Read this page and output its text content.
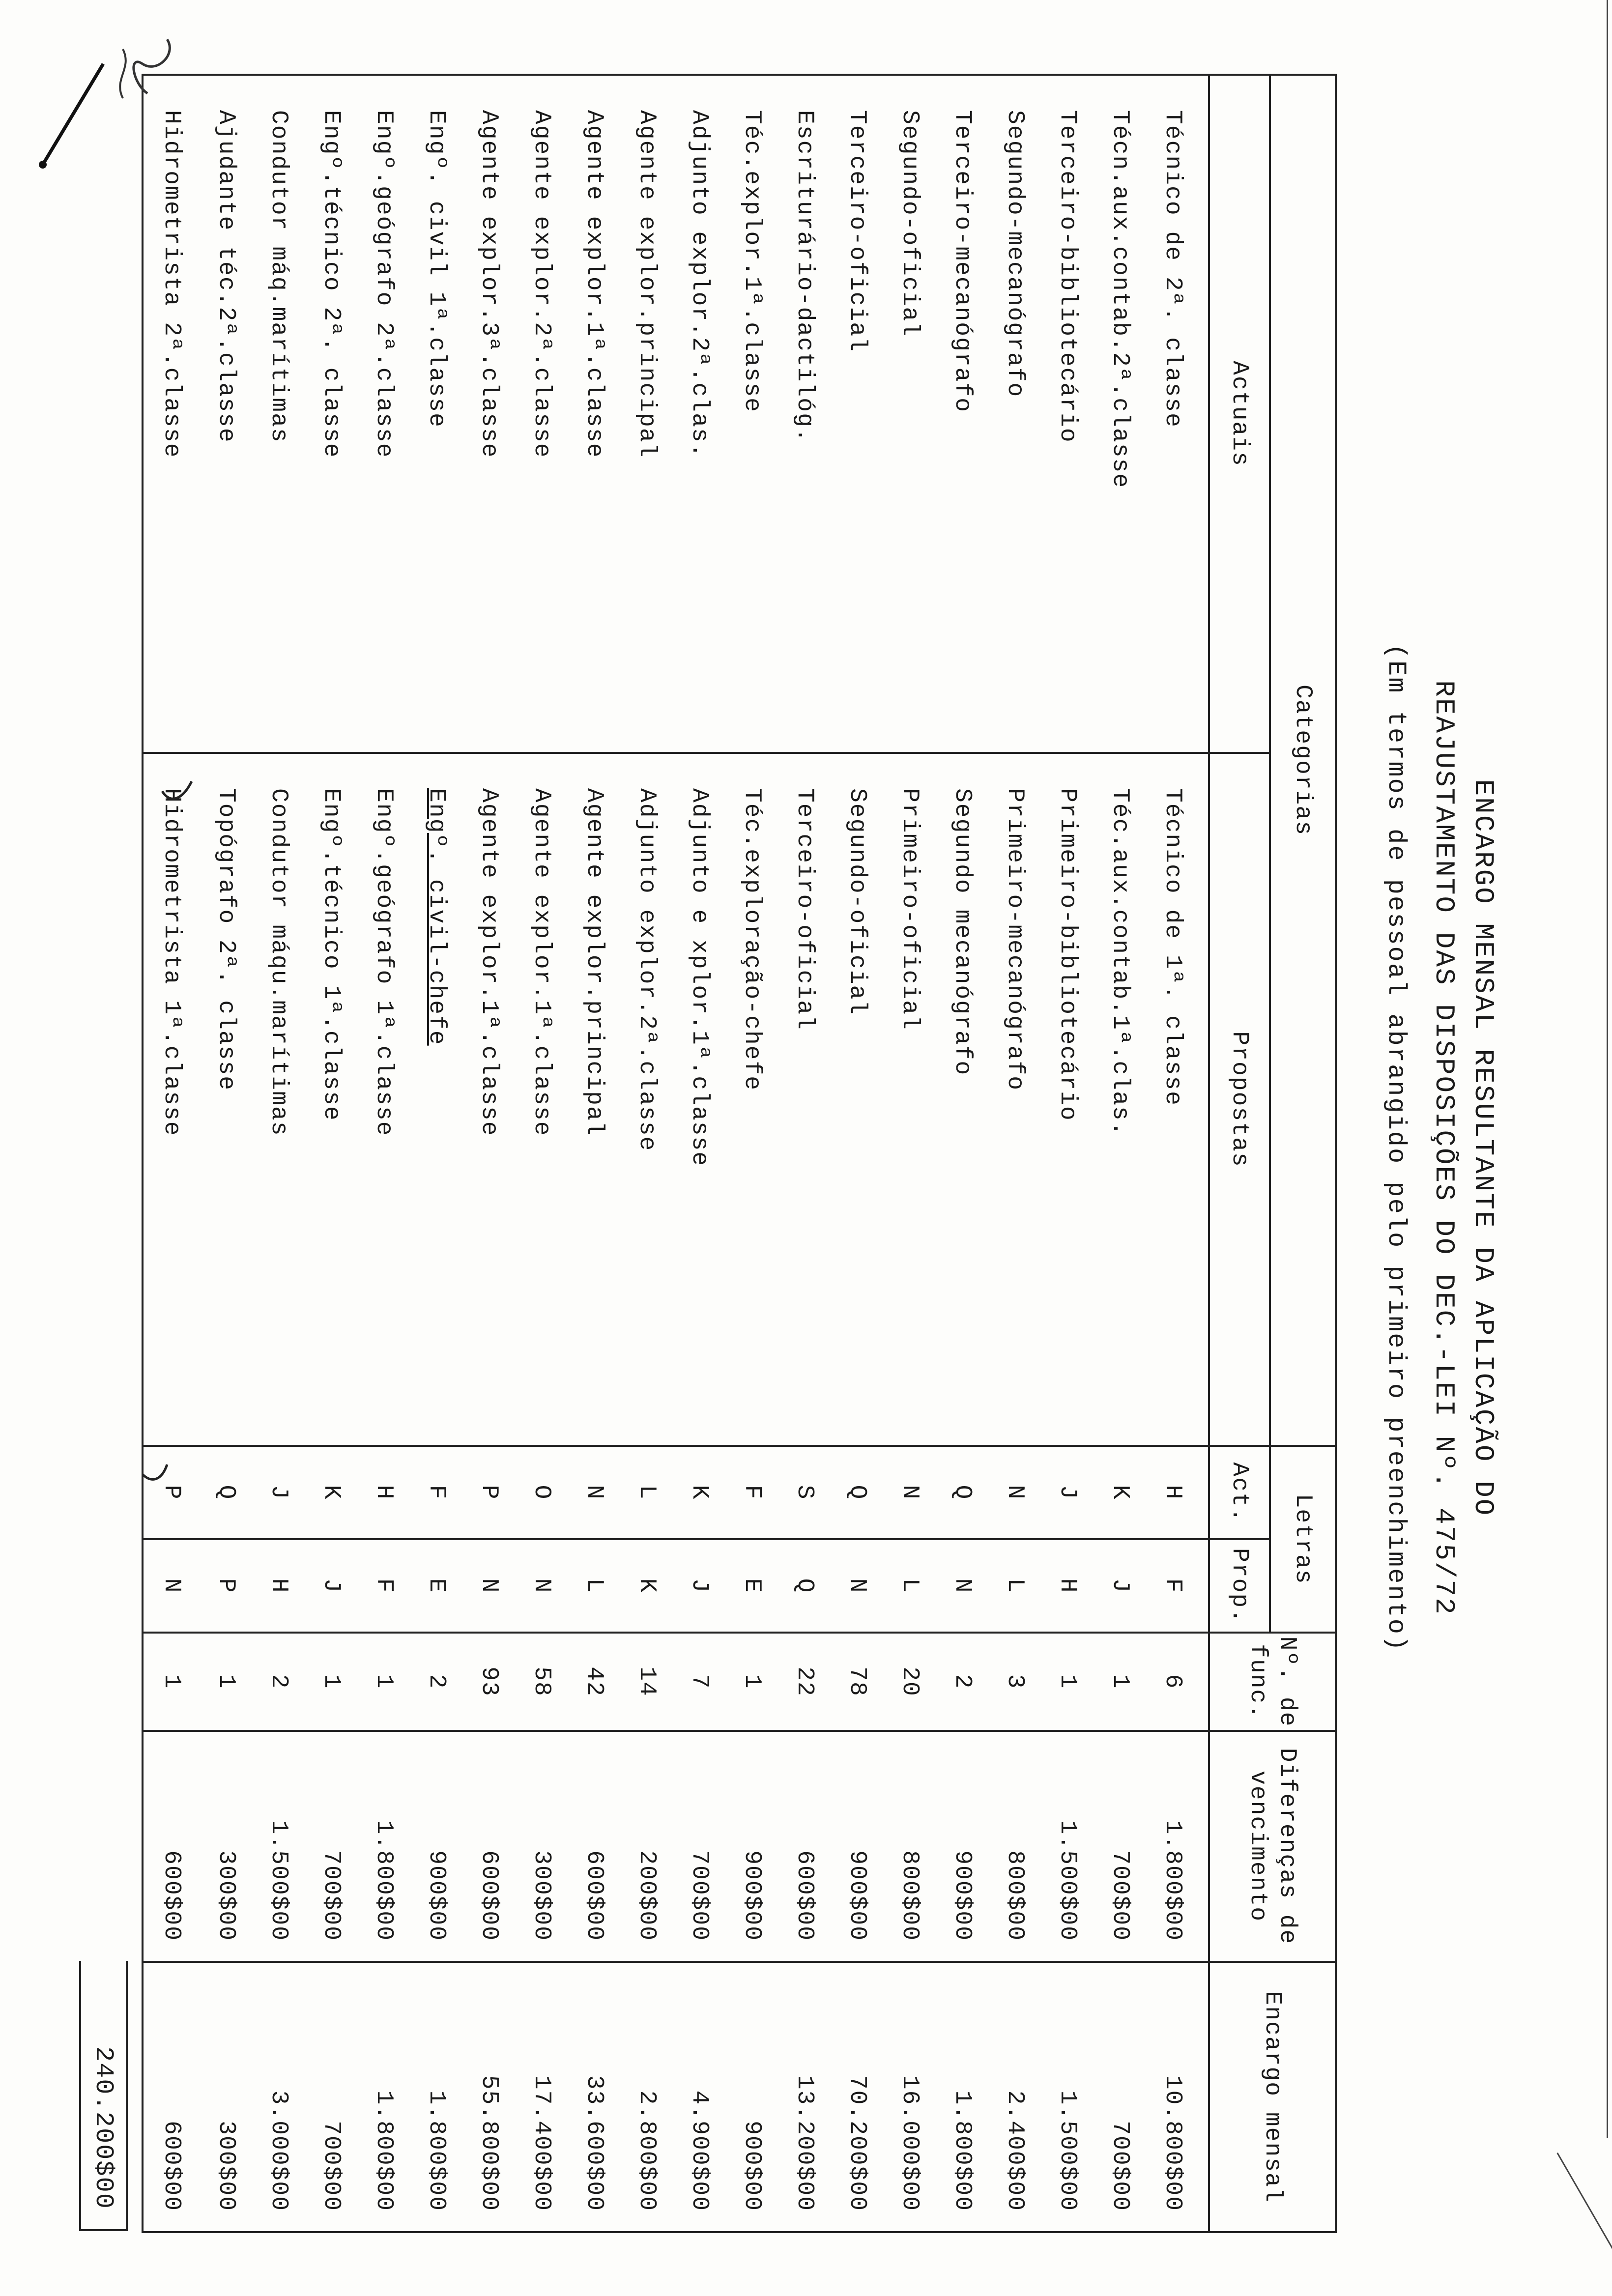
ENCARGO MENSAL RESULTANTE DA APLICAÇÃO DO
REAJUSTAMENTO DAS DISPOSIÇÕES DO DEC.-LEI Nº. 475/72
(Em termos de pessoal abrangido pelo primeiro preenchimento)
Categorias		Letras		Nº. de func.	Diferenças de vencimento	Encargo mensal
Actuais	Propostas	Act.	Prop.			
Técnico de 2ª. classe	Técnico de 1ª. classe	H	F	6	1.800$00	10.800$00
Técn.aux.contab.2ª.classe	Téc.aux.contab.1ª.clas.	K	J	1	700$00	700$00
Terceiro-bibliotecário	Primeiro-bibliotecário	J	H	1	1.500$00	1.500$00
Segundo-mecanógrafo	Primeiro-mecanógrafo	N	L	3	800$00	2.400$00
Terceiro-mecanógrafo	Segundo mecanógrafo	Q	N	2	900$00	1.800$00
Segundo-oficial	Primeiro-oficial	N	L	20	800$00	16.000$00
Terceiro-oficial	Segundo-oficial	Q	N	78	900$00	70.200$00
Escriturário-dactilóg.	Terceiro-oficial	S	Q	22	600$00	13.200$00
Téc.explor.1ª.classe	Téc.exploração-chefe	F	E	1	900$00	900$00
Adjunto explor.2ª.clas.	Adjunto e xplor.1ª.classe	K	J	7	700$00	4.900$00
Agente explor.principal	Adjunto explor.2ª.classe	L	K	14	200$00	2.800$00
Agente explor.1ª.classe	Agente explor.principal	N	L	42	600$00	33.600$00
Agente explor.2ª.classe	Agente explor.1ª.classe	O	N	58	300$00	17.400$00
Agente explor.3ª.classe	Agente explor.1ª.classe	P	N	93	600$00	55.800$00
Engº. civil 1ª.classe	Engº. civil-chefe	F	E	2	900$00	1.800$00
Engº.geógrafo 2ª.classe	Engº.geógrafo 1ª.classe	H	F	1	1.800$00	1.800$00
Engº.técnico 2ª. classe	Engº.técnico 1ª.classe	K	J	1	700$00	700$00
Condutor máq.marítimas	Condutor máqu.marítimas	J	H	2	1.500$00	3.000$00
Ajudante téc.2ª.classe	Topógrafo 2ª. classe	Q	P	1	300$00	300$00
Hidrometrista 2ª.classe	Hidrometrista 1ª.classe	P	N	1	600$00	600$00
240.200$00
